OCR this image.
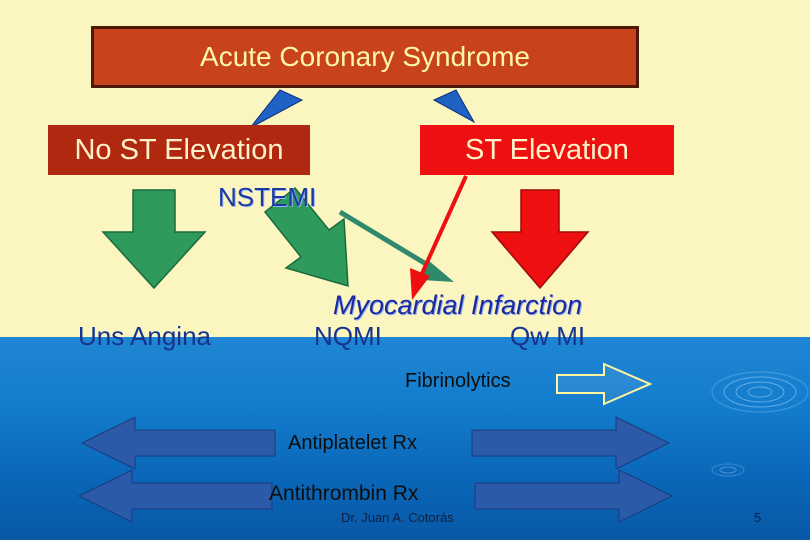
Acute Coronary Syndrome
No ST Elevation	ST Elevation
NSTEMI
Myocardial Infarction
Uns Angina	NQMI	Qw MI
Fibrinolytics
Antiplatelet Rx
Antithrombin Rx
Dr. Juan A. Cotorás	5
